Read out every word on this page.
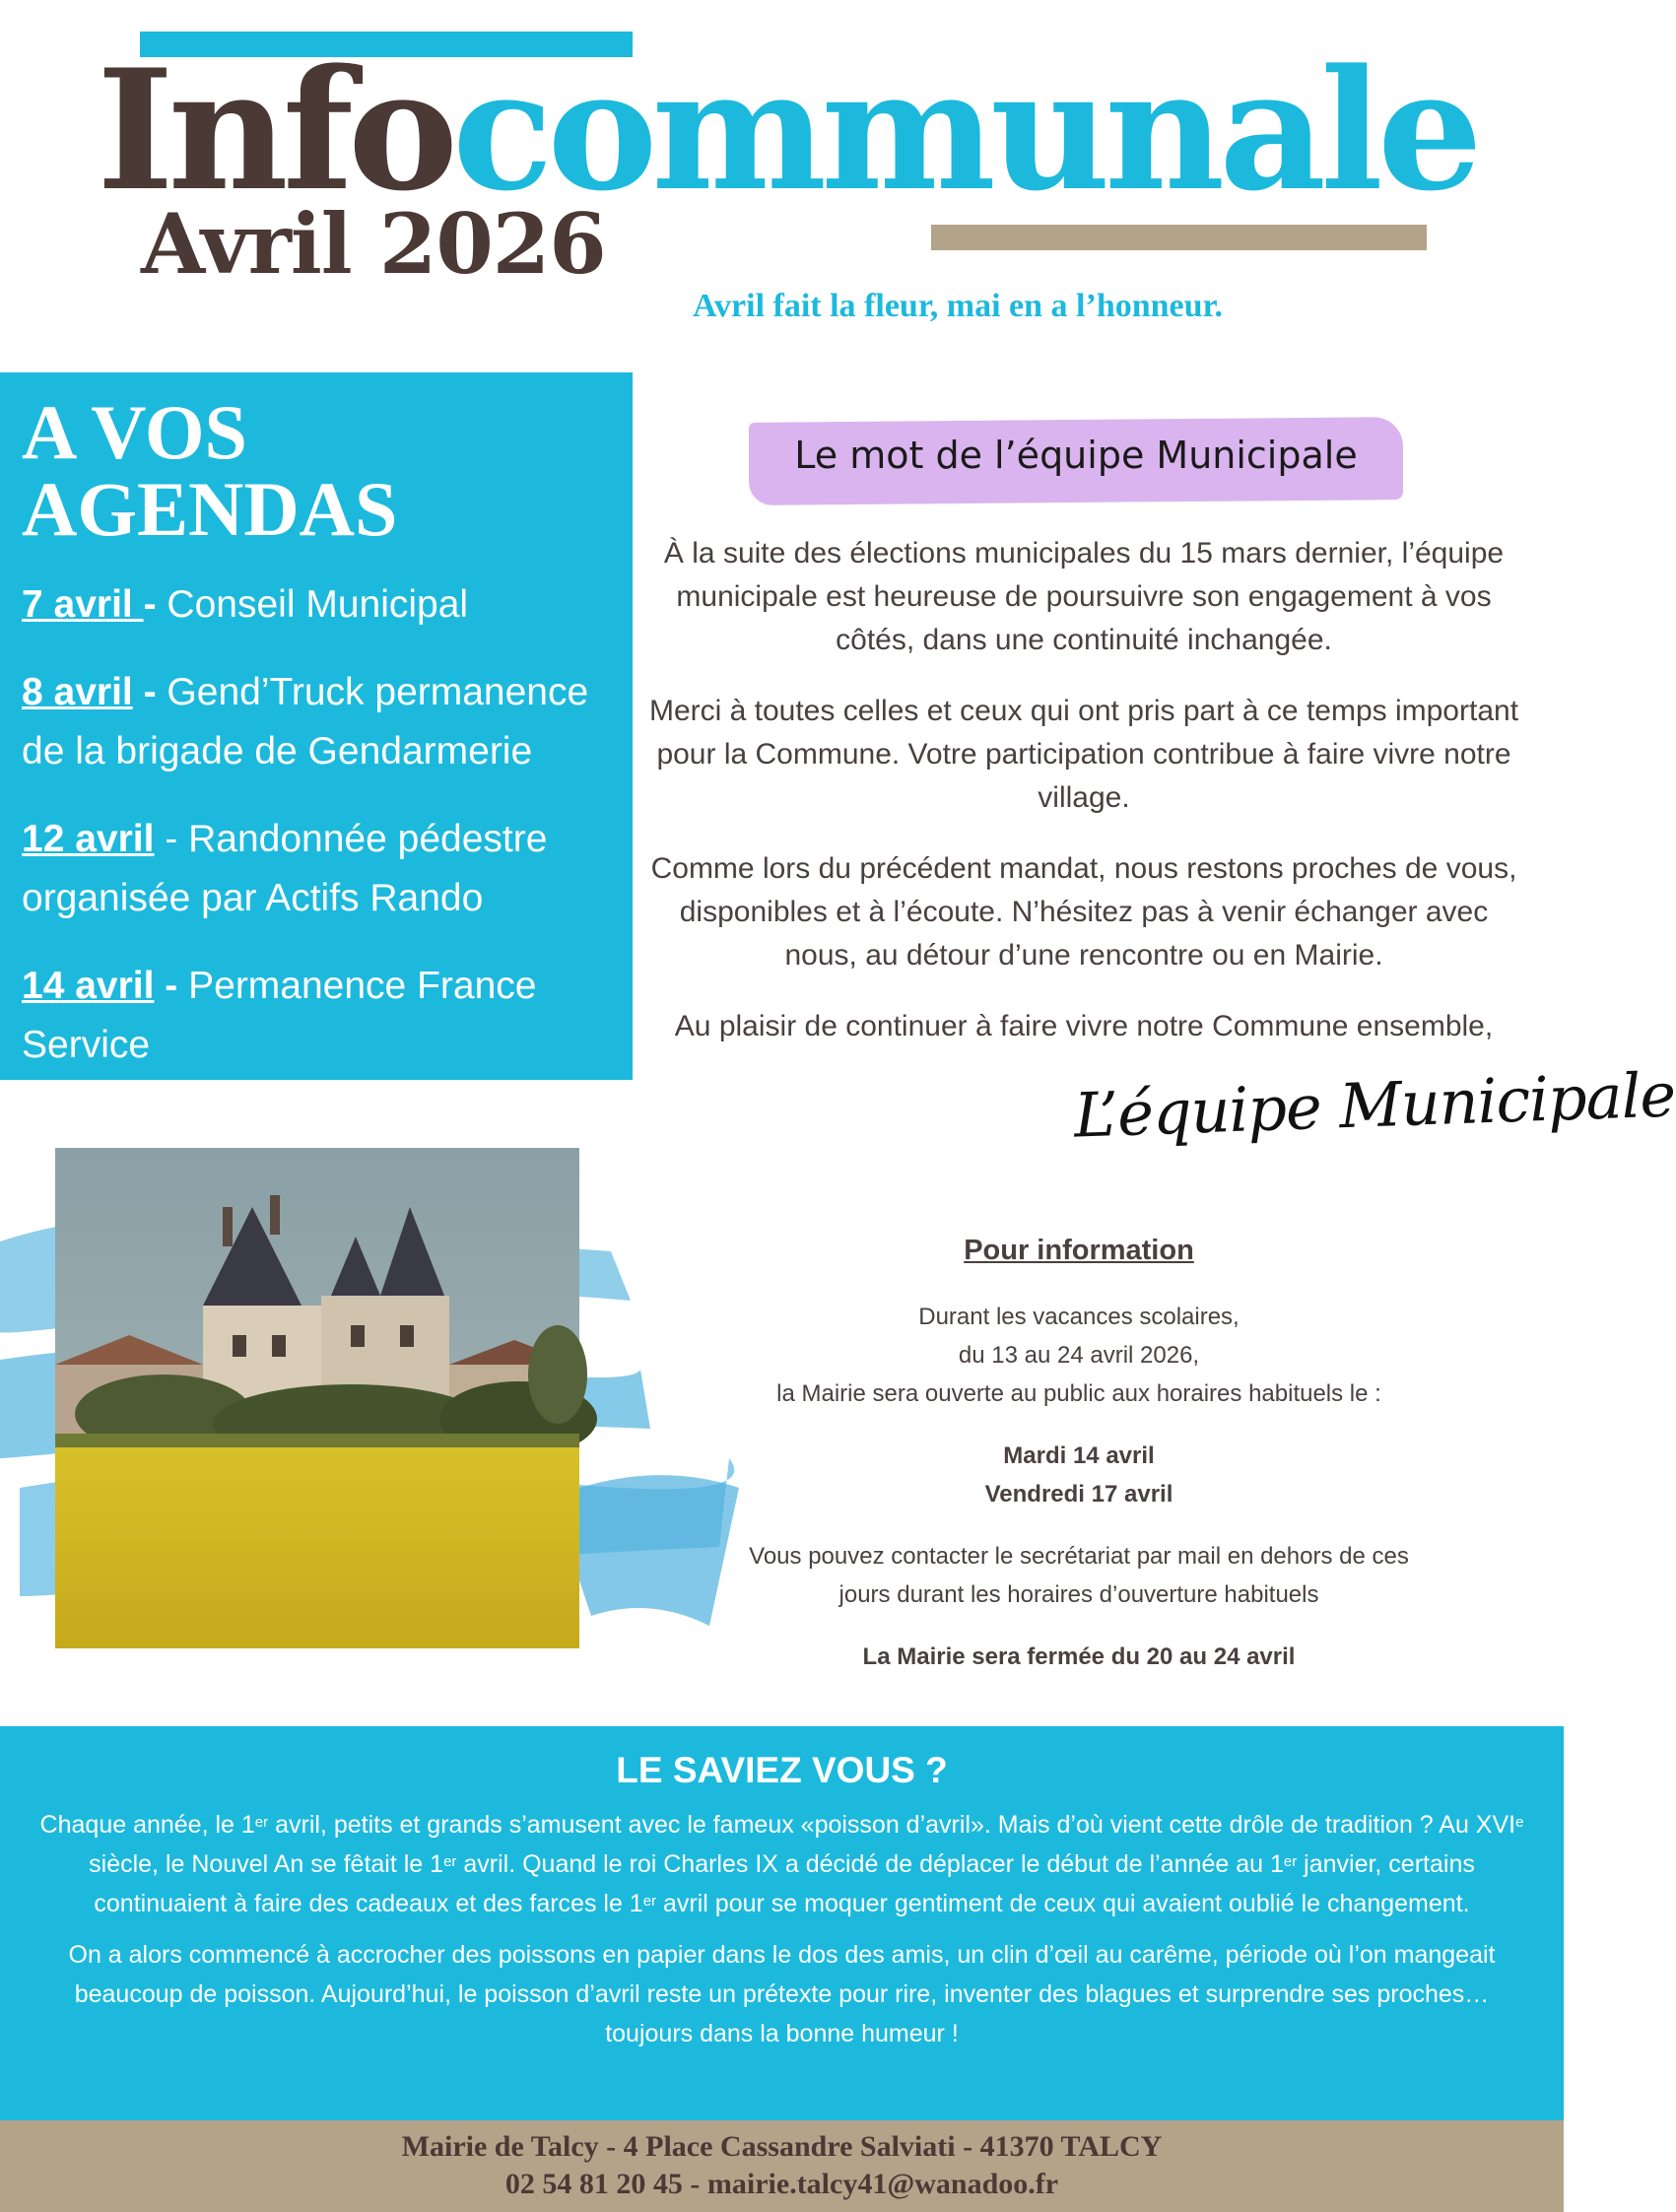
Infocommunale
Avril 2026
Avril fait la fleur, mai en a l’honneur.
A VOS AGENDAS
7 avril - Conseil Municipal
8 avril - Gend’Truck permanence de la brigade de Gendarmerie
12 avril - Randonnée pédestre organisée par Actifs Rando
14 avril - Permanence France Service
Le mot de l’équipe Municipale

À la suite des élections municipales du 15 mars dernier, l’équipe municipale est heureuse de poursuivre son engagement à vos côtés, dans une continuité inchangée.

Merci à toutes celles et ceux qui ont pris part à ce temps important pour la Commune. Votre participation contribue à faire vivre notre village.

Comme lors du précédent mandat, nous restons proches de vous, disponibles et à l’écoute. N’hésitez pas à venir échanger avec nous, au détour d’une rencontre ou en Mairie.

Au plaisir de continuer à faire vivre notre Commune ensemble,

L’équipe Municipale
Pour information
Durant les vacances scolaires,
du 13 au 24 avril 2026,
la Mairie sera ouverte au public aux horaires habituels le :
Mardi 14 avril
Vendredi 17 avril
Vous pouvez contacter le secrétariat par mail en dehors de ces
jours durant les horaires d’ouverture habituels
La Mairie sera fermée du 20 au 24 avril
LE SAVIEZ VOUS ?

Chaque année, le 1er avril, petits et grands s’amusent avec le fameux «poisson d’avril». Mais d’où vient cette drôle de tradition ? Au XVIe siècle, le Nouvel An se fêtait le 1er avril. Quand le roi Charles IX a décidé de déplacer le début de l’année au 1er janvier, certains continuaient à faire des cadeaux et des farces le 1er avril pour se moquer gentiment de ceux qui avaient oublié le changement.

On a alors commencé à accrocher des poissons en papier dans le dos des amis, un clin d’œil au carême, période où l’on mangeait beaucoup de poisson. Aujourd’hui, le poisson d’avril reste un prétexte pour rire, inventer des blagues et surprendre ses proches… toujours dans la bonne humeur !

Mairie de Talcy - 4 Place Cassandre Salviati - 41370 TALCY
02 54 81 20 45 - mairie.talcy41@wanadoo.fr
